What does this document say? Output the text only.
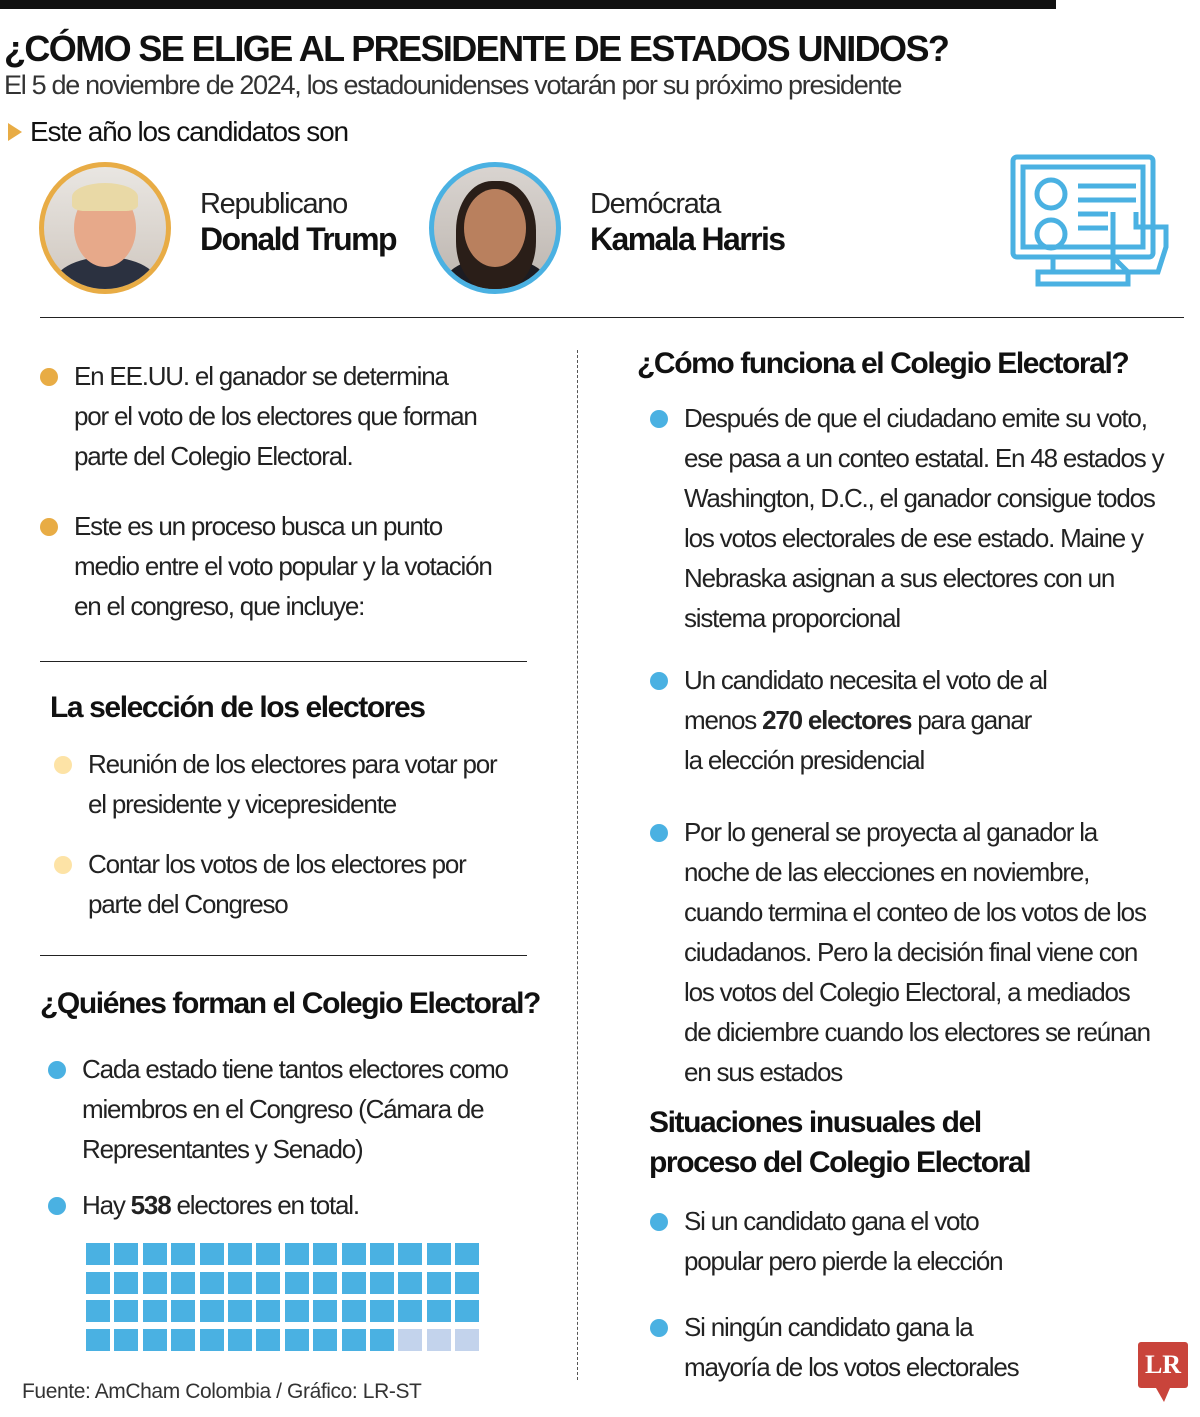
¿CÓMO SE ELIGE AL PRESIDENTE DE ESTADOS UNIDOS?
El 5 de noviembre de 2024, los estadounidenses votarán por su próximo presidente
Este año los candidatos son
Republicano
Donald Trump
Demócrata
Kamala Harris
En EE.UU. el ganador se determina por el voto de los electores que forman parte del Colegio Electoral.
Este es un proceso busca un punto medio entre el voto popular y la votación en el congreso, que incluye:
La selección de los electores
Reunión de los electores para votar por el presidente y vicepresidente
Contar los votos de los electores por parte del Congreso
¿Quiénes forman el Colegio Electoral?
Cada estado tiene tantos electores como miembros en el Congreso (Cámara de Representantes y Senado)
Hay 538 electores en total.
¿Cómo funciona el Colegio Electoral?
Después de que el ciudadano emite su voto, ese pasa a un conteo estatal. En 48 estados y Washington, D.C., el ganador consigue todos los votos electorales de ese estado. Maine y Nebraska asignan a sus electores con un sistema proporcional
Un candidato necesita el voto de al menos 270 electores para ganar la elección presidencial
Por lo general se proyecta al ganador la noche de las elecciones en noviembre, cuando termina el conteo de los votos de los ciudadanos. Pero la decisión final viene con los votos del Colegio Electoral, a mediados de diciembre cuando los electores se reúnan en sus estados
Situaciones inusuales del proceso del Colegio Electoral
Si un candidato gana el voto popular pero pierde la elección
Si ningún candidato gana la mayoría de los votos electorales
Fuente: AmCham Colombia / Gráfico: LR-ST
LR
